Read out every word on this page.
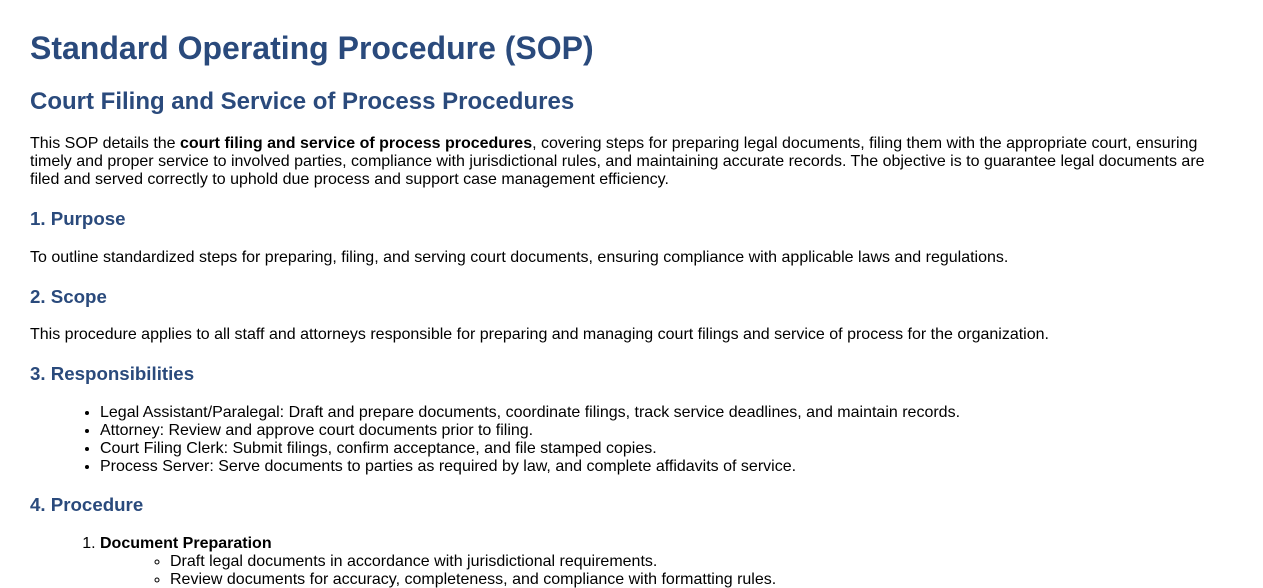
Standard Operating Procedure (SOP)
Court Filing and Service of Process Procedures

This SOP details the court filing and service of process procedures, covering steps for preparing legal documents, filing them with the appropriate court, ensuring timely and proper service to involved parties, compliance with jurisdictional rules, and maintaining accurate records. The objective is to guarantee legal documents are filed and served correctly to uphold due process and support case management efficiency.

1. Purpose

To outline standardized steps for preparing, filing, and serving court documents, ensuring compliance with applicable laws and regulations.

2. Scope

This procedure applies to all staff and attorneys responsible for preparing and managing court filings and service of process for the organization.

3. Responsibilities
• Legal Assistant/Paralegal: Draft and prepare documents, coordinate filings, track service deadlines, and maintain records.
• Attorney: Review and approve court documents prior to filing.
• Court Filing Clerk: Submit filings, confirm acceptance, and file stamped copies.
• Process Server: Serve documents to parties as required by law, and complete affidavits of service.
4. Procedure
1. Document Preparation
◦ Draft legal documents in accordance with jurisdictional requirements.
◦ Review documents for accuracy, completeness, and compliance with formatting rules.
